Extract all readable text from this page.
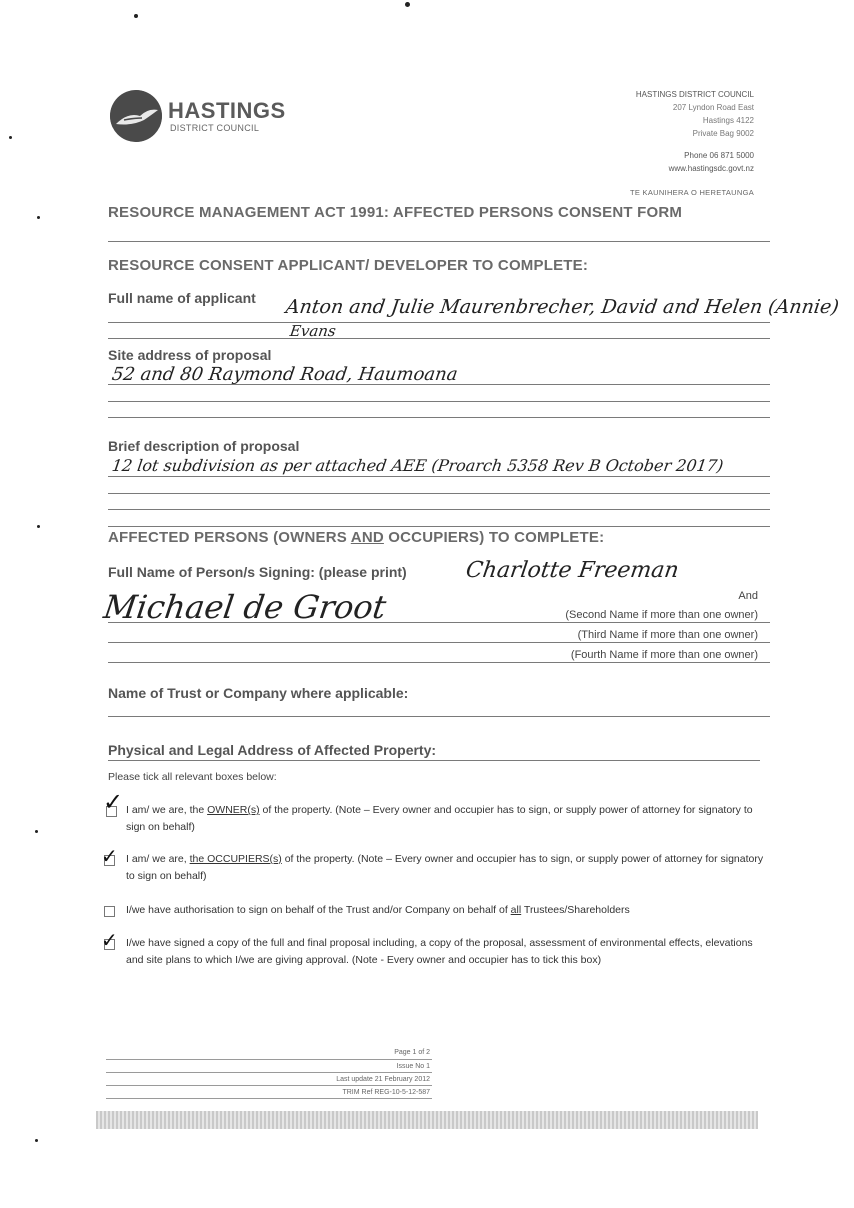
HASTINGS
DISTRICT COUNCIL
HASTINGS DISTRICT COUNCIL
207 Lyndon Road East
Hastings 4122
Private Bag 9002
Phone 06 871 5000
www.hastingsdc.govt.nz
TE KAUNIHERA O HERETAUNGA
RESOURCE MANAGEMENT ACT 1991: AFFECTED PERSONS CONSENT FORM
RESOURCE CONSENT APPLICANT/ DEVELOPER TO COMPLETE:
Full name of applicant Anton and Julie Maurenbrecher, David and Helen (Annie)
Evans
Site address of proposal
52 and 80 Raymond Road, Haumoana
Brief description of proposal
12 lot subdivision as per attached AEE (Proarch 5358 Rev B October 2017)
AFFECTED PERSONS (OWNERS AND OCCUPIERS) TO COMPLETE:
Full Name of Person/s Signing: (please print)	Charlotte Freeman
Michael de Groot	And
(Second Name if more than one owner)
(Third Name if more than one owner)
(Fourth Name if more than one owner)
Name of Trust or Company where applicable:
Physical and Legal Address of Affected Property:
Please tick all relevant boxes below:
✓ I am/ we are, the OWNER(s) of the property. (Note – Every owner and occupier has to sign, or supply power of attorney for signatory to sign on behalf)
✓ I am/ we are, the OCCUPIERS(s) of the property. (Note – Every owner and occupier has to sign, or supply power of attorney for signatory to sign on behalf)
I/we have authorisation to sign on behalf of the Trust and/or Company on behalf of all Trustees/Shareholders
✓ I/we have signed a copy of the full and final proposal including, a copy of the proposal, assessment of environmental effects, elevations and site plans to which I/we are giving approval. (Note - Every owner and occupier has to tick this box)
Page 1 of 2
Issue No 1
Last update 21 February 2012
TRIM Ref REG-10-5-12-587
